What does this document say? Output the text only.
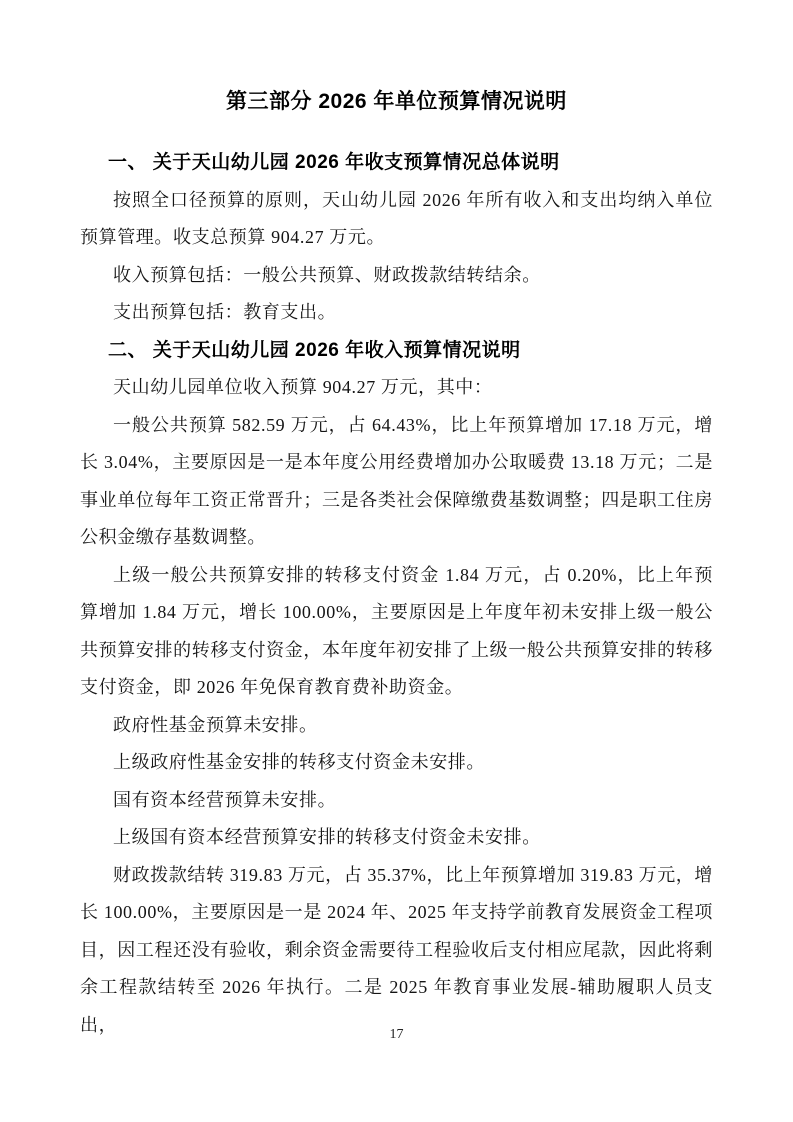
第三部分 2026 年单位预算情况说明
一、 关于天山幼儿园 2026 年收支预算情况总体说明

按照全口径预算的原则，天山幼儿园 2026 年所有收入和支出均纳入单位预算管理。收支总预算 904.27 万元。

收入预算包括：一般公共预算、财政拨款结转结余。

支出预算包括：教育支出。

二、 关于天山幼儿园 2026 年收入预算情况说明

天山幼儿园单位收入预算 904.27 万元，其中：

一般公共预算 582.59 万元，占 64.43%，比上年预算增加 17.18 万元，增长 3.04%，主要原因是一是本年度公用经费增加办公取暖费 13.18 万元；二是事业单位每年工资正常晋升；三是各类社会保障缴费基数调整；四是职工住房公积金缴存基数调整。

上级一般公共预算安排的转移支付资金 1.84 万元，占 0.20%，比上年预算增加 1.84 万元，增长 100.00%，主要原因是上年度年初未安排上级一般公共预算安排的转移支付资金，本年度年初安排了上级一般公共预算安排的转移支付资金，即 2026 年免保育教育费补助资金。

政府性基金预算未安排。

上级政府性基金安排的转移支付资金未安排。

国有资本经营预算未安排。

上级国有资本经营预算安排的转移支付资金未安排。

财政拨款结转 319.83 万元，占 35.37%，比上年预算增加 319.83 万元，增长 100.00%，主要原因是一是 2024 年、2025 年支持学前教育发展资金工程项目，因工程还没有验收，剩余资金需要待工程验收后支付相应尾款，因此将剩余工程款结转至 2026 年执行。二是 2025 年教育事业发展-辅助履职人员支出，	17
